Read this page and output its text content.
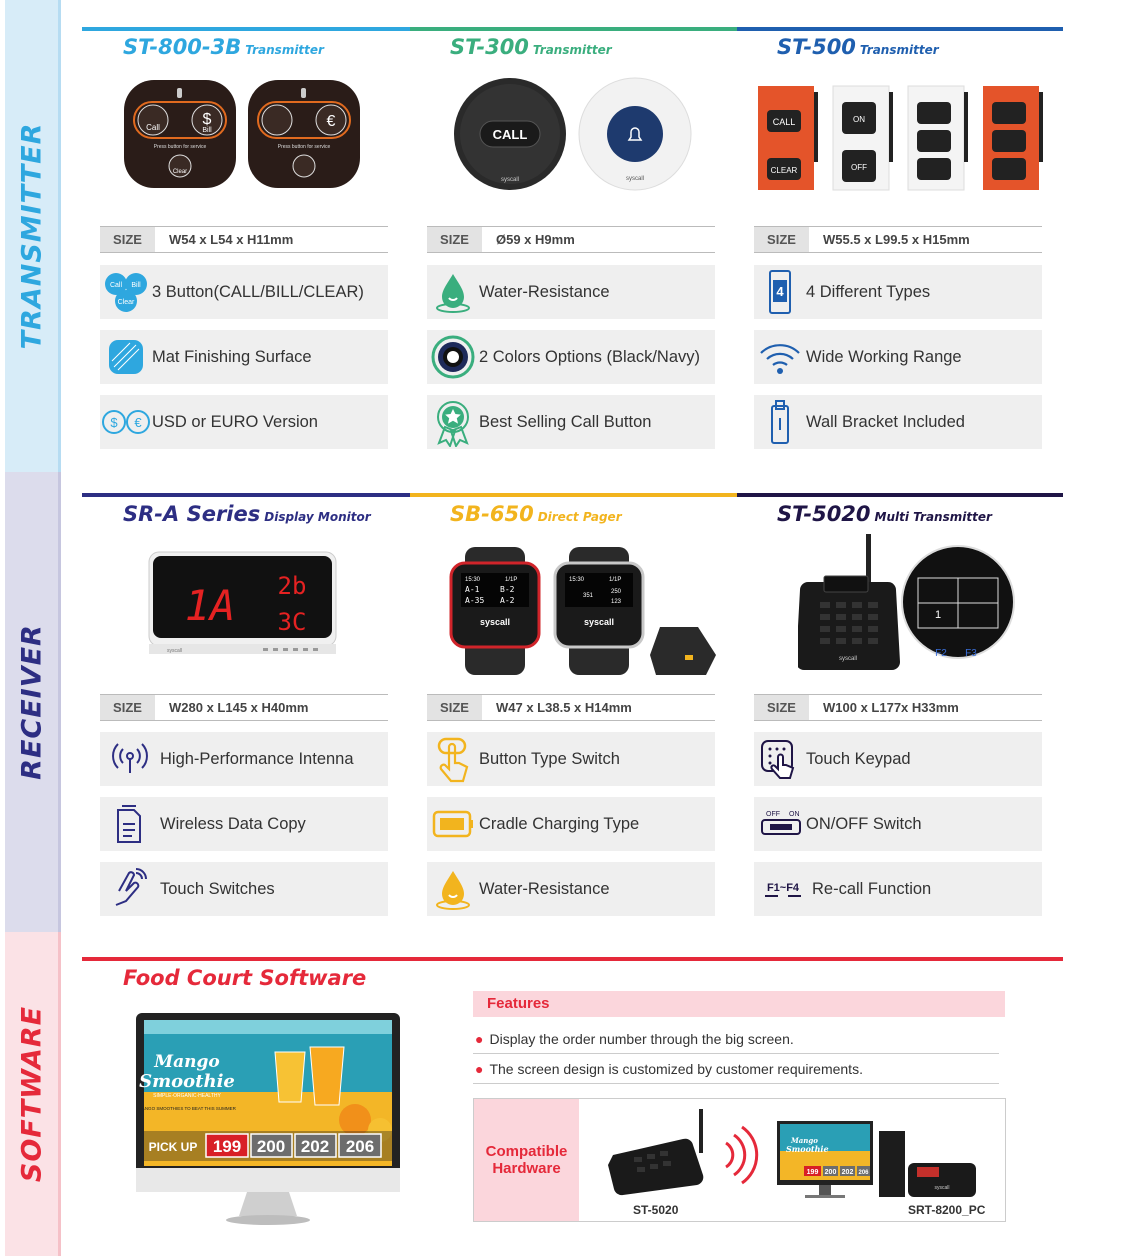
TRANSMITTER
RECEIVER
SOFTWARE
ST-800-3B Transmitter	ST-300 Transmitter	ST-500 Transmitter
Call	$
Bill
Press button for service
Clear
€
Press button for service
CALL
syscall	syscall
CALL
CLEAR
ON
OFF
SIZE	W54 x L54 x H11mm	SIZE	Ø59 x H9mm	SIZE	W55.5 x L99.5 x H15mm
Call Bill
Clear
3 Button(CALL/BILL/CLEAR)
Mat Finishing Surface
$ € USD or EURO Version
Water-Resistance
2 Colors Options (Black/Navy)
Best Selling Call Button
4 4 Different Types
Wide Working Range
Wall Bracket Included
SR-A Series Display Monitor	SB-650 Direct Pager	ST-5020 Multi Transmitter
1A 2b
3C
syscall
15:30	1/1P
A-1	B-2
A-35 A-2
syscall
15:30	1/1P
351
250
123
syscall
syscall
1
F2 F3
SIZE	W280 x L145 x H40mm	SIZE	W47 x L38.5 x H14mm	SIZE	W100 x L177x H33mm
High-Performance Intenna
Wireless Data Copy
Touch Switches
Button Type Switch
Cradle Charging Type
Water-Resistance
Touch Keypad
OFF ON ON/OFF Switch
F1~F4 Re-call Function
Food Court Software
Mango
Smoothie
SIMPLE·ORGANIC·HEALTHY
MANGO SMOOTHIES TO BEAT THIS SUMMER
PICK UP 199 200 202 206
Features
● Display the order number through the big screen.
● The screen design is customized by customer requirements.
Compatible Hardware
Mango
Smoothie
199 200 202 206
syscall
ST-5020	SRT-8200_PC
